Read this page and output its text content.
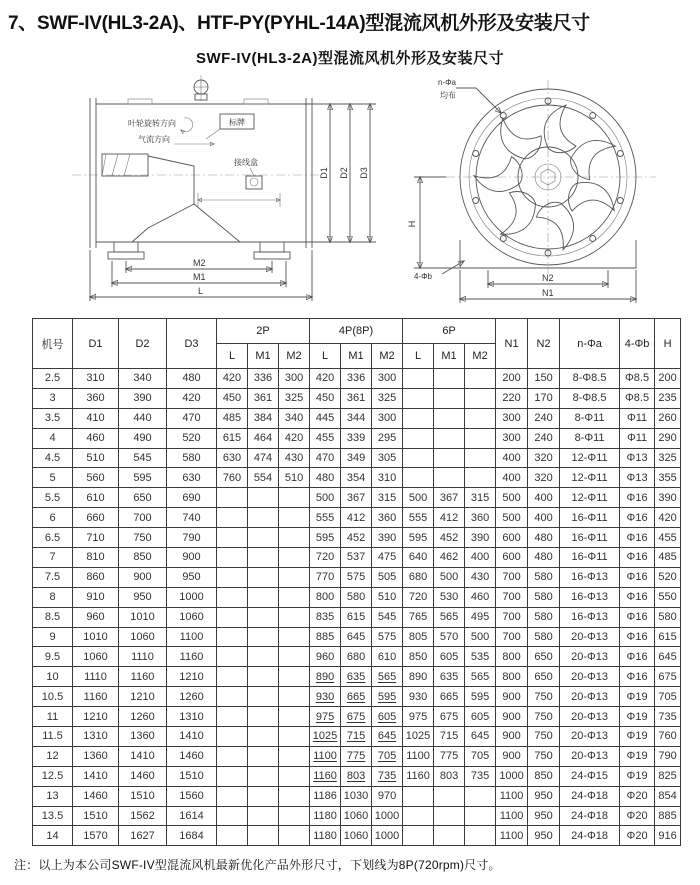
7、SWF-IV(HL3-2A)、HTF-PY(PYHL-14A)型混流风机外形及安装尺寸
SWF-IV(HL3-2A)型混流风机外形及安装尺寸
叶轮旋转方向	标牌
气流方向
接线盒
M2
M1
L
D1 D2 D3
n-Φa
均布
4-Φb
H
N2
N1
机号	D1	D2	D3	2P			4P(8P)			6P			N1	N2	n-Φa	4-Φb	H
				L	M1	M2	L	M1	M2	L	M1	M2					
2.5	310	340	480	420	336	300	420	336	300				200	150	8-Φ8.5	Φ8.5	200
3	360	390	420	450	361	325	450	361	325				220	170	8-Φ8.5	Φ8.5	235
3.5	410	440	470	485	384	340	445	344	300				300	240	8-Φ11	Φ11	260
4	460	490	520	615	464	420	455	339	295				300	240	8-Φ11	Φ11	290
4.5	510	545	580	630	474	430	470	349	305				400	320	12-Φ11	Φ13	325
5	560	595	630	760	554	510	480	354	310				400	320	12-Φ11	Φ13	355
5.5	610	650	690				500	367	315	500	367	315	500	400	12-Φ11	Φ16	390
6	660	700	740				555	412	360	555	412	360	500	400	16-Φ11	Φ16	420
6.5	710	750	790				595	452	390	595	452	390	600	480	16-Φ11	Φ16	455
7	810	850	900				720	537	475	640	462	400	600	480	16-Φ11	Φ16	485
7.5	860	900	950				770	575	505	680	500	430	700	580	16-Φ13	Φ16	520
8	910	950	1000				800	580	510	720	530	460	700	580	16-Φ13	Φ16	550
8.5	960	1010	1060				835	615	545	765	565	495	700	580	16-Φ13	Φ16	580
9	1010	1060	1100				885	645	575	805	570	500	700	580	20-Φ13	Φ16	615
9.5	1060	1110	1160				960	680	610	850	605	535	800	650	20-Φ13	Φ16	645
10	1110	1160	1210				890	635	565	890	635	565	800	650	20-Φ13	Φ16	675
10.5	1160	1210	1260				930	665	595	930	665	595	900	750	20-Φ13	Φ19	705
11	1210	1260	1310				975	675	605	975	675	605	900	750	20-Φ13	Φ19	735
11.5	1310	1360	1410				1025	715	645	1025	715	645	900	750	20-Φ13	Φ19	760
12	1360	1410	1460				1100	775	705	1100	775	705	900	750	20-Φ13	Φ19	790
12.5	1410	1460	1510				1160	803	735	1160	803	735	1000	850	24-Φ15	Φ19	825
13	1460	1510	1560				1186	1030	970				1100	950	24-Φ18	Φ20	854
13.5	1510	1562	1614				1180	1060	1000				1100	950	24-Φ18	Φ20	885
14	1570	1627	1684				1180	1060	1000				1100	950	24-Φ18	Φ20	916
注：以上为本公司SWF-IV型混流风机最新优化产品外形尺寸，下划线为8P(720rpm)尺寸。
